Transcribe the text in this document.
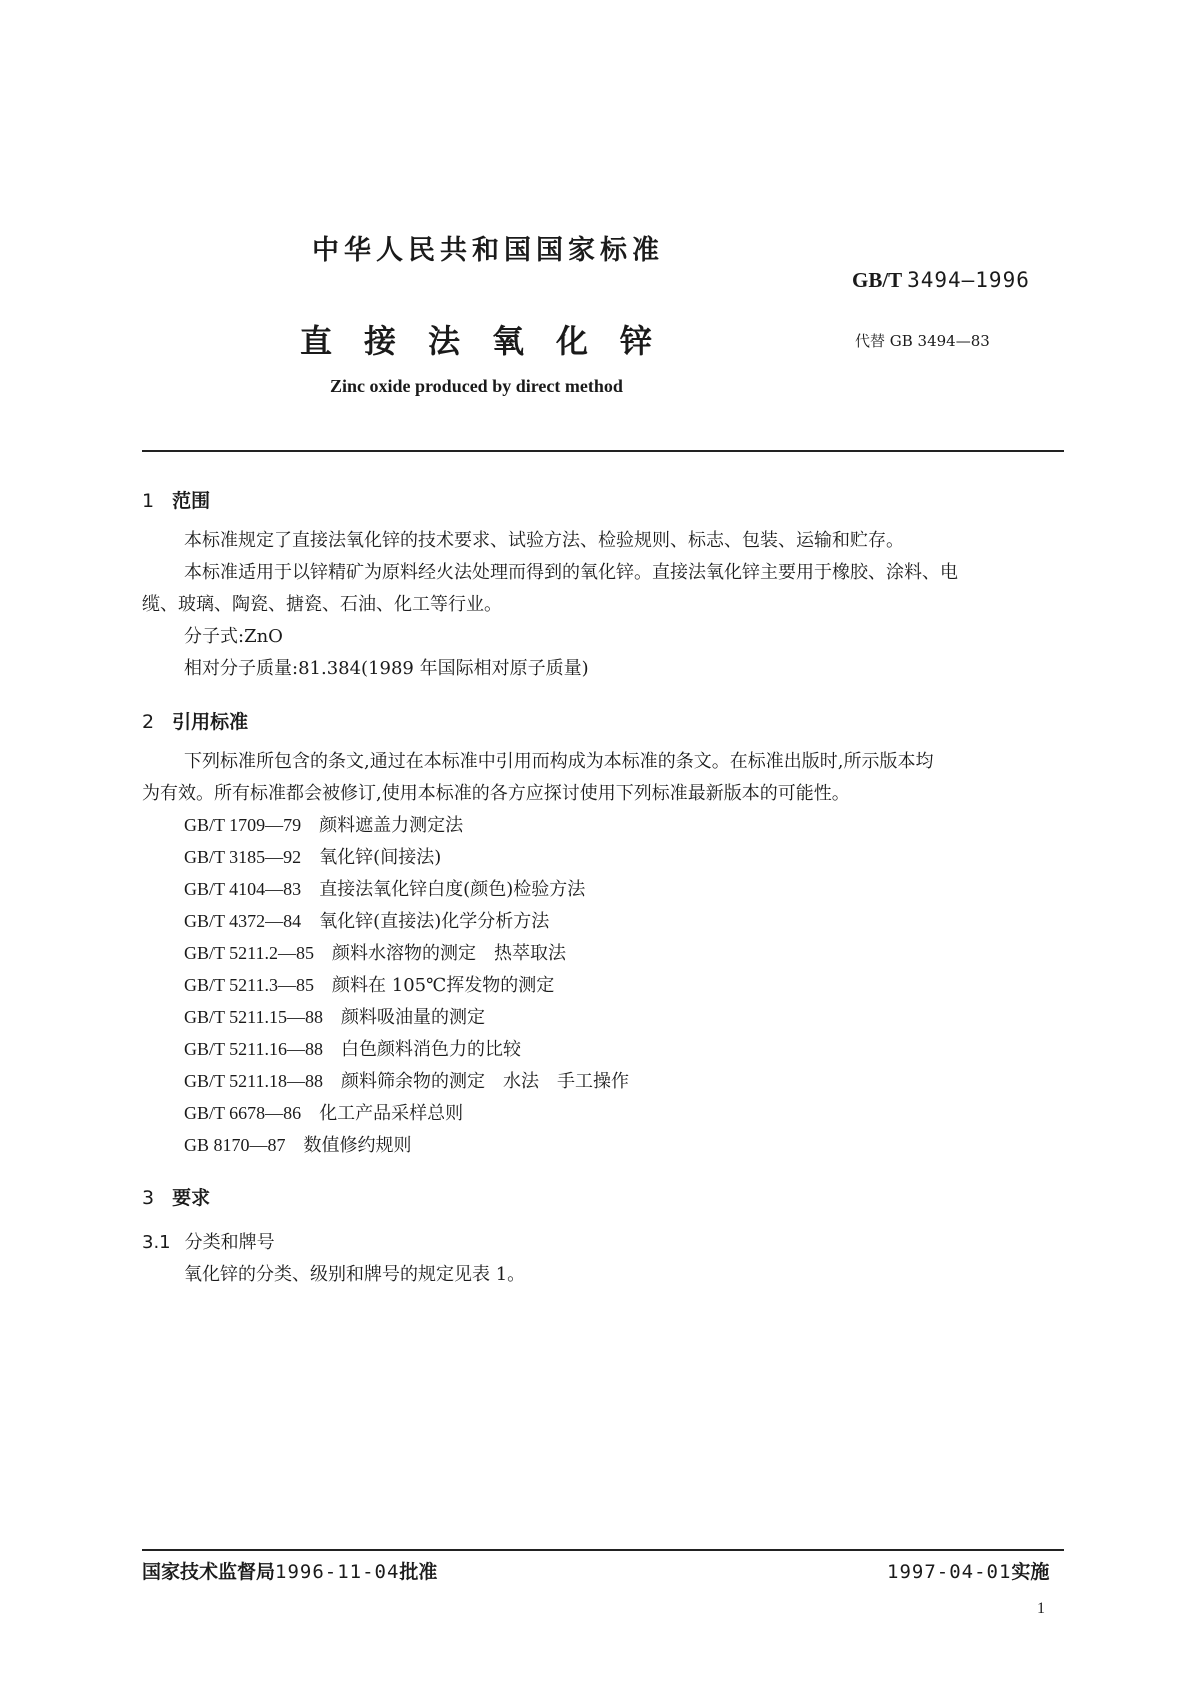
中华人民共和国国家标准
GB/T 3494—1996
直接法氧化锌	代替 GB 3494—83
Zinc oxide produced by direct method
1 范围
本标准规定了直接法氧化锌的技术要求、试验方法、检验规则、标志、包装、运输和贮存。
本标准适用于以锌精矿为原料经火法处理而得到的氧化锌。直接法氧化锌主要用于橡胶、涂料、电
缆、玻璃、陶瓷、搪瓷、石油、化工等行业。
分子式:ZnO
相对分子质量:81.384(1989 年国际相对原子质量)
2 引用标准
下列标准所包含的条文,通过在本标准中引用而构成为本标准的条文。在标准出版时,所示版本均
为有效。所有标准都会被修订,使用本标准的各方应探讨使用下列标准最新版本的可能性。
GB/T 1709—79　 颜料遮盖力测定法
GB/T 3185—92　 氧化锌(间接法)
GB/T 4104—83　 直接法氧化锌白度(颜色)检验方法
GB/T 4372—84　 氧化锌(直接法)化学分析方法
GB/T 5211.2—85　 颜料水溶物的测定　热萃取法
GB/T 5211.3—85　 颜料在 105℃挥发物的测定
GB/T 5211.15—88　 颜料吸油量的测定
GB/T 5211.16—88　 白色颜料消色力的比较
GB/T 5211.18—88　 颜料筛余物的测定　水法　手工操作
GB/T 6678—86　 化工产品采样总则
GB 8170—87　 数值修约规则
3 要求
3.1 分类和牌号
氧化锌的分类、级别和牌号的规定见表 1。
国家技术监督局1996-11-04批准	1997-04-01实施
1
